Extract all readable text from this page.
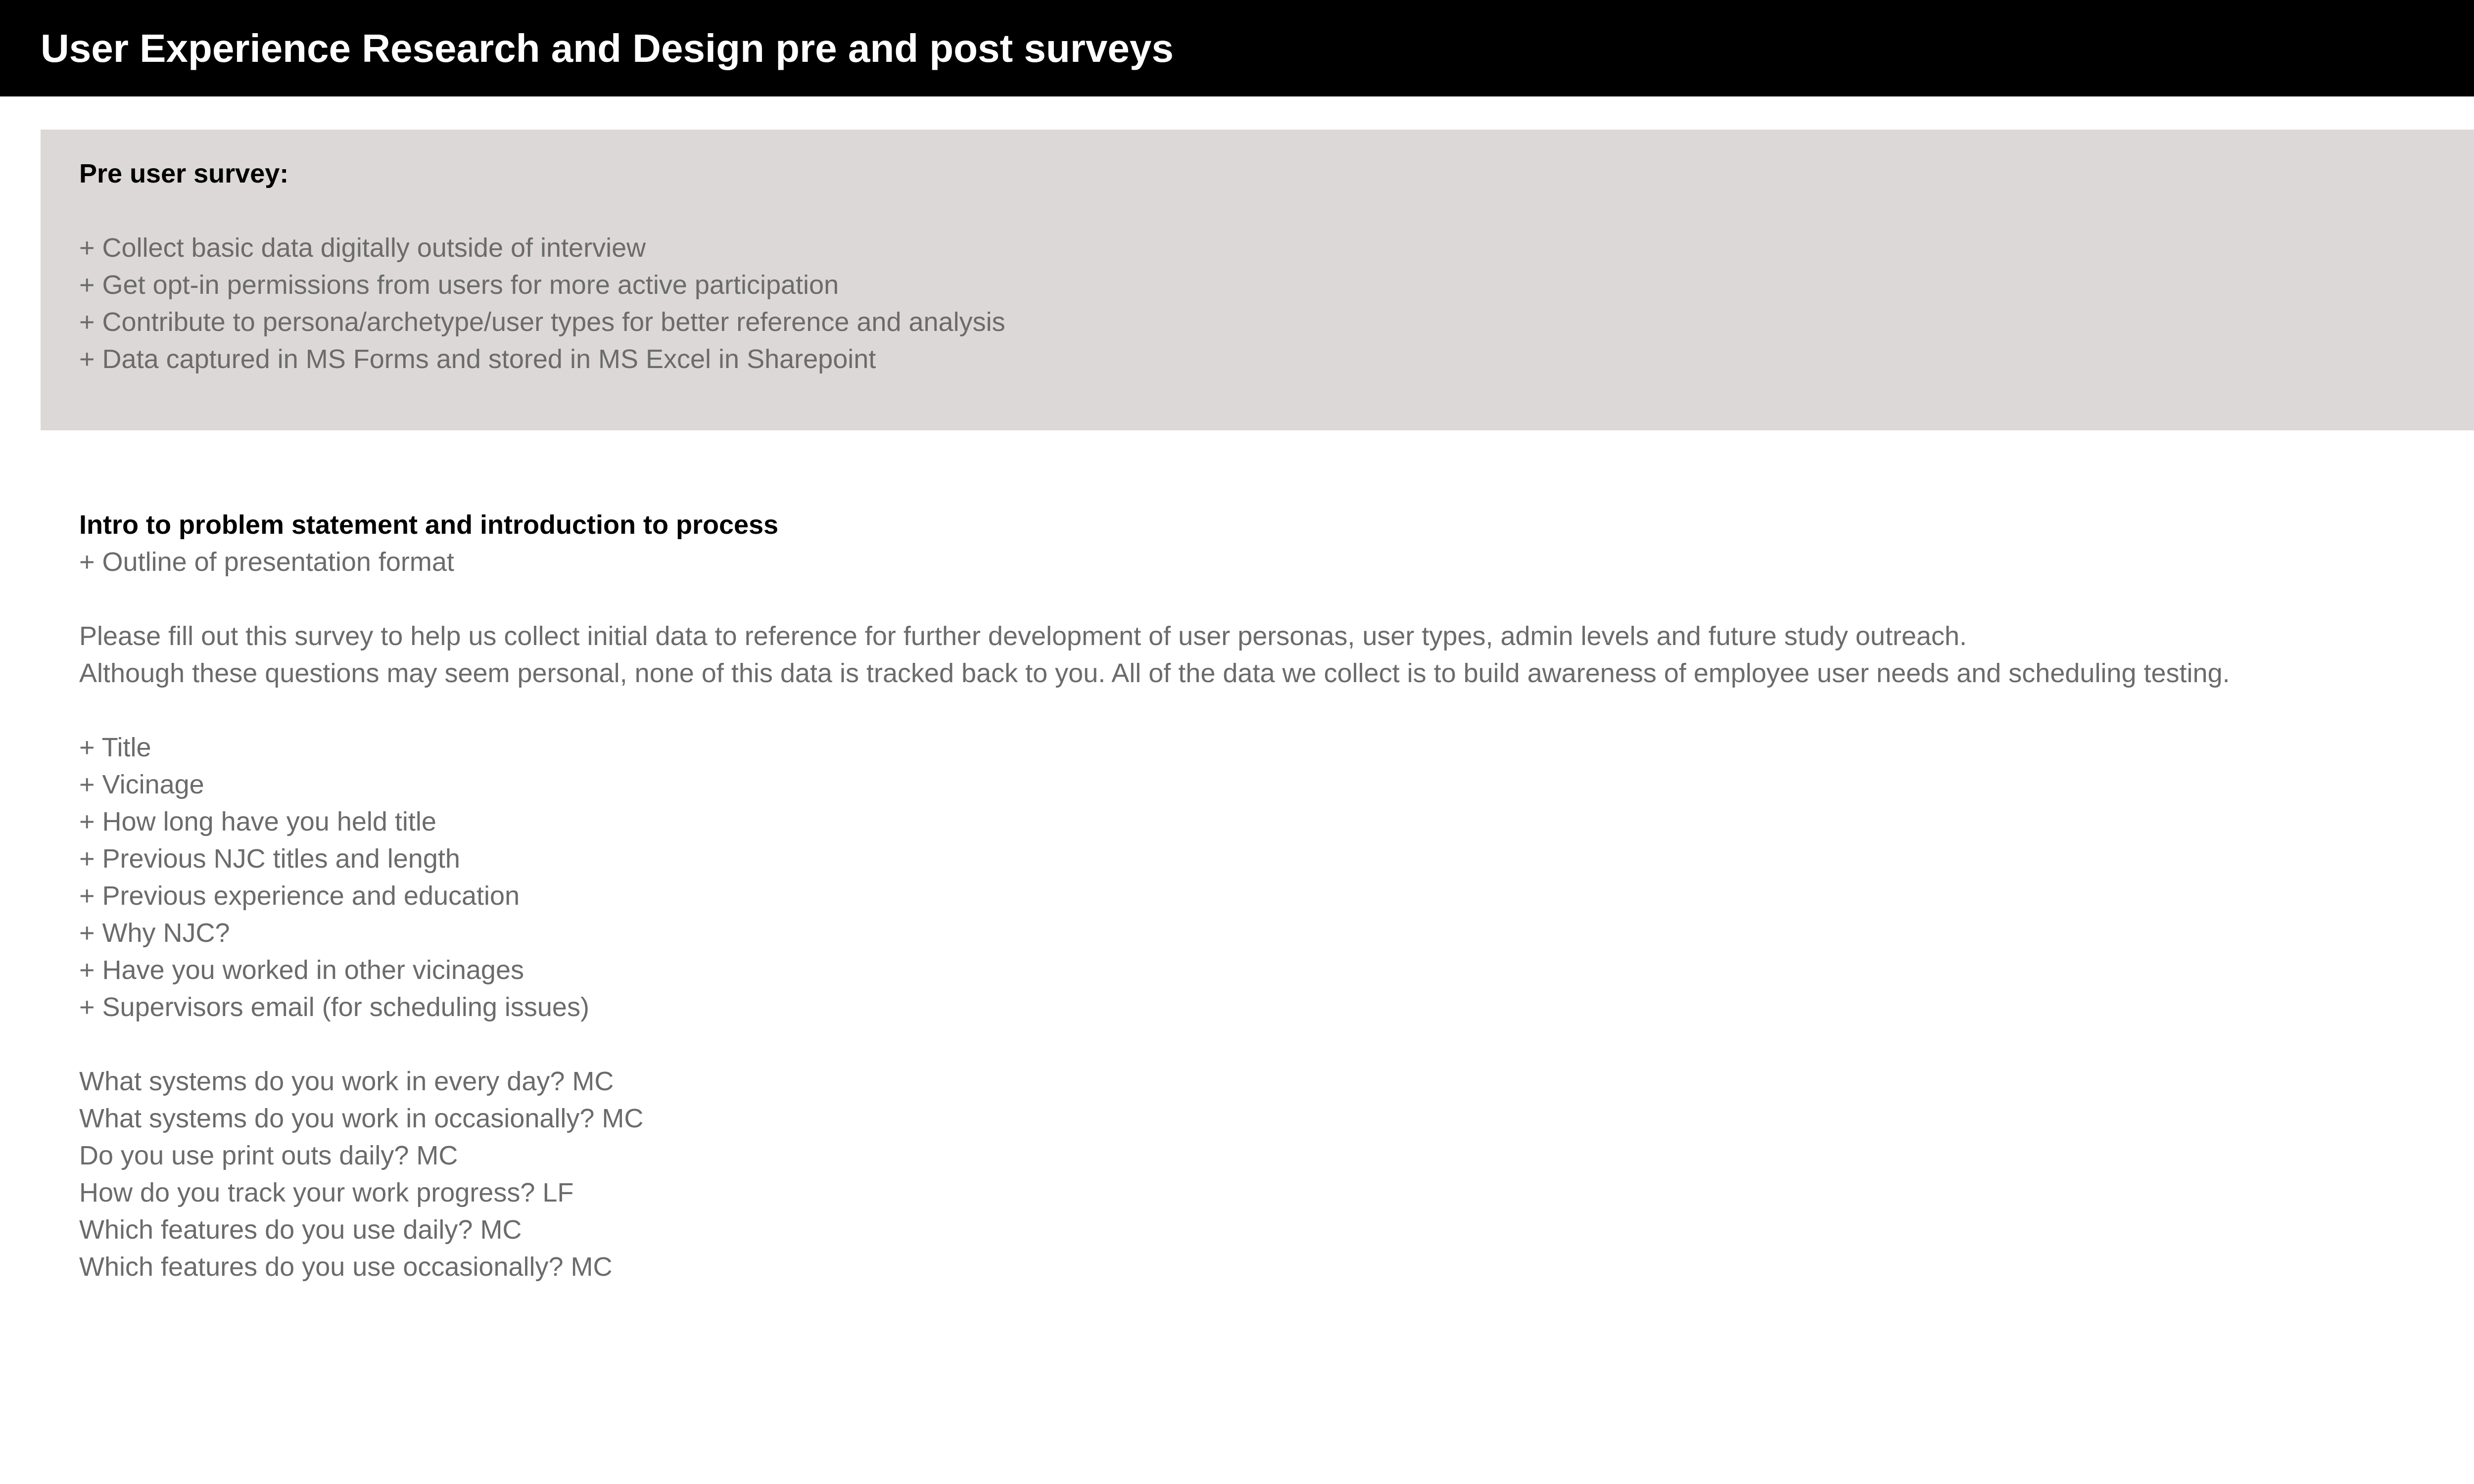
User Experience Research and Design pre and post surveys
Pre user survey:
+ Collect basic data digitally outside of interview
+ Get opt-in permissions from users for more active participation
+ Contribute to persona/archetype/user types for better reference and analysis
+ Data captured in MS Forms and stored in MS Excel in Sharepoint
Intro to problem statement and introduction to process
+ Outline of presentation format
Please fill out this survey to help us collect initial data to reference for further development of user personas, user types, admin levels and future study outreach.
Although these questions may seem personal, none of this data is tracked back to you. All of the data we collect is to build awareness of employee user needs and scheduling testing.
+ Title
+ Vicinage
+ How long have you held title
+ Previous NJC titles and length
+ Previous experience and education
+ Why NJC?
+ Have you worked in other vicinages
+ Supervisors email (for scheduling issues)
What systems do you work in every day? MC
What systems do you work in occasionally? MC
Do you use print outs daily? MC
How do you track your work progress? LF
Which features do you use daily? MC
Which features do you use occasionally? MC
